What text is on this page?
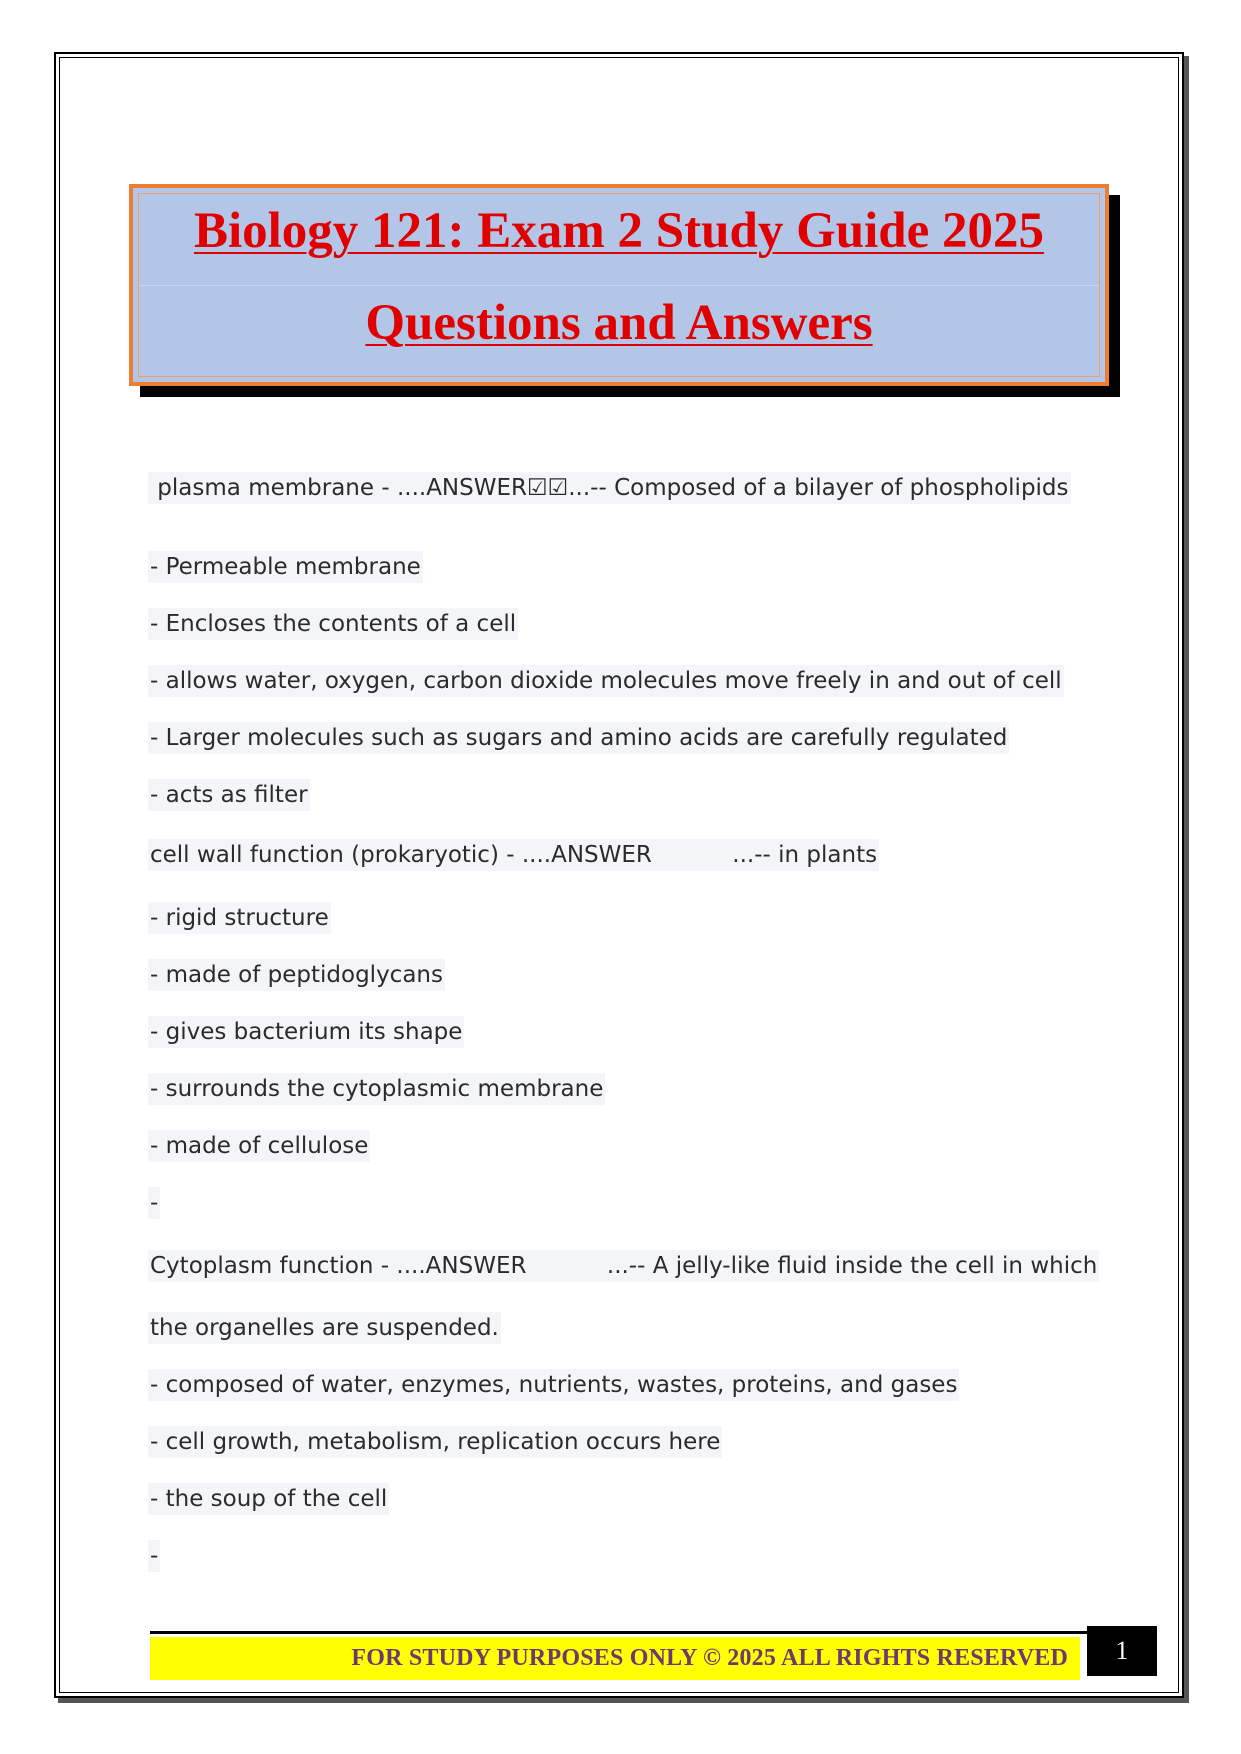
Biology 121: Exam 2 Study Guide 2025
Questions and Answers
plasma membrane - ....ANSWER☑☑...-- Composed of a bilayer of phospholipids
- Permeable membrane
- Encloses the contents of a cell
- allows water, oxygen, carbon dioxide molecules move freely in and out of cell
- Larger molecules such as sugars and amino acids are carefully regulated
- acts as filter
cell wall function (prokaryotic) - ....ANSWER           ...-- in plants
- rigid structure
- made of peptidoglycans
- gives bacterium its shape
- surrounds the cytoplasmic membrane
- made of cellulose
-
Cytoplasm function - ....ANSWER           ...-- A jelly-like fluid inside the cell in which
the organelles are suspended.
- composed of water, enzymes, nutrients, wastes, proteins, and gases
- cell growth, metabolism, replication occurs here
- the soup of the cell
-
FOR STUDY PURPOSES ONLY © 2025 ALL RIGHTS RESERVED	1
